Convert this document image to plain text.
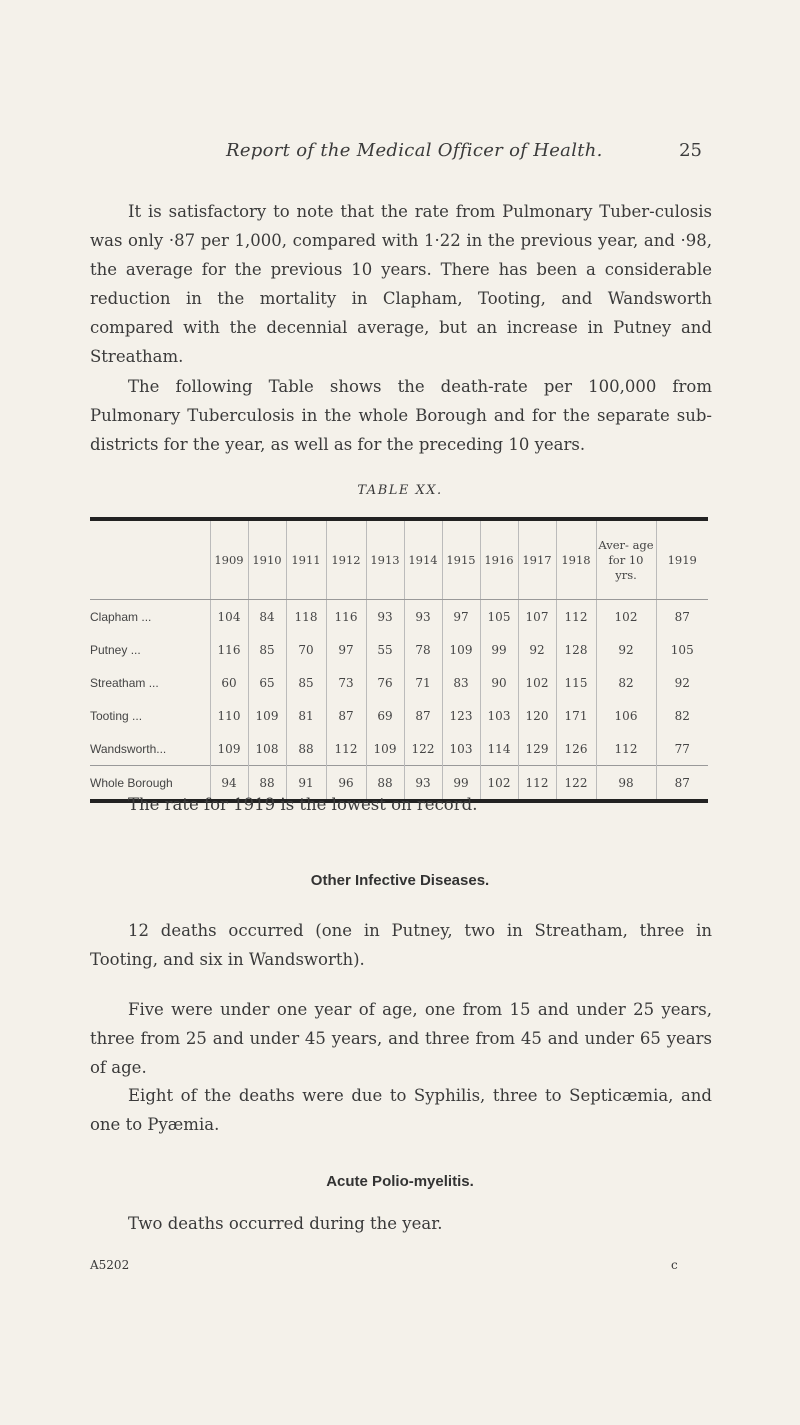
Report of the Medical Officer of Health.	25

It is satisfactory to note that the rate from Pulmonary Tuber-culosis was only ·87 per 1,000, compared with 1·22 in the previous year, and ·98, the average for the previous 10 years. There has been a considerable reduction in the mortality in Clapham, Tooting, and Wandsworth compared with the decennial average, but an increase in Putney and Streatham.

The following Table shows the death-rate per 100,000 from Pulmonary Tuberculosis in the whole Borough and for the separate sub-districts for the year, as well as for the preceding 10 years.

TABLE XX.
	1909	1910	1911	1912	1913	1914	1915	1916	1917	1918	Aver- age for 10 yrs.	1919
Clapham ...	104	84	118	116	93	93	97	105	107	112	102	87
Putney ...	116	85	70	97	55	78	109	99	92	128	92	105
Streatham ...	60	65	85	73	76	71	83	90	102	115	82	92
Tooting ...	110	109	81	87	69	87	123	103	120	171	106	82
Wandsworth...	109	108	88	112	109	122	103	114	129	126	112	77
Whole Borough	94	88	91	96	88	93	99	102	112	122	98	87

The rate for 1919 is the lowest on record.

Other Infective Diseases.

12 deaths occurred (one in Putney, two in Streatham, three in Tooting, and six in Wandsworth).

Five were under one year of age, one from 15 and under 25 years, three from 25 and under 45 years, and three from 45 and under 65 years of age.

Eight of the deaths were due to Syphilis, three to Septicæmia, and one to Pyæmia.

Acute Polio-myelitis.

Two deaths occurred during the year.

A5202	c
